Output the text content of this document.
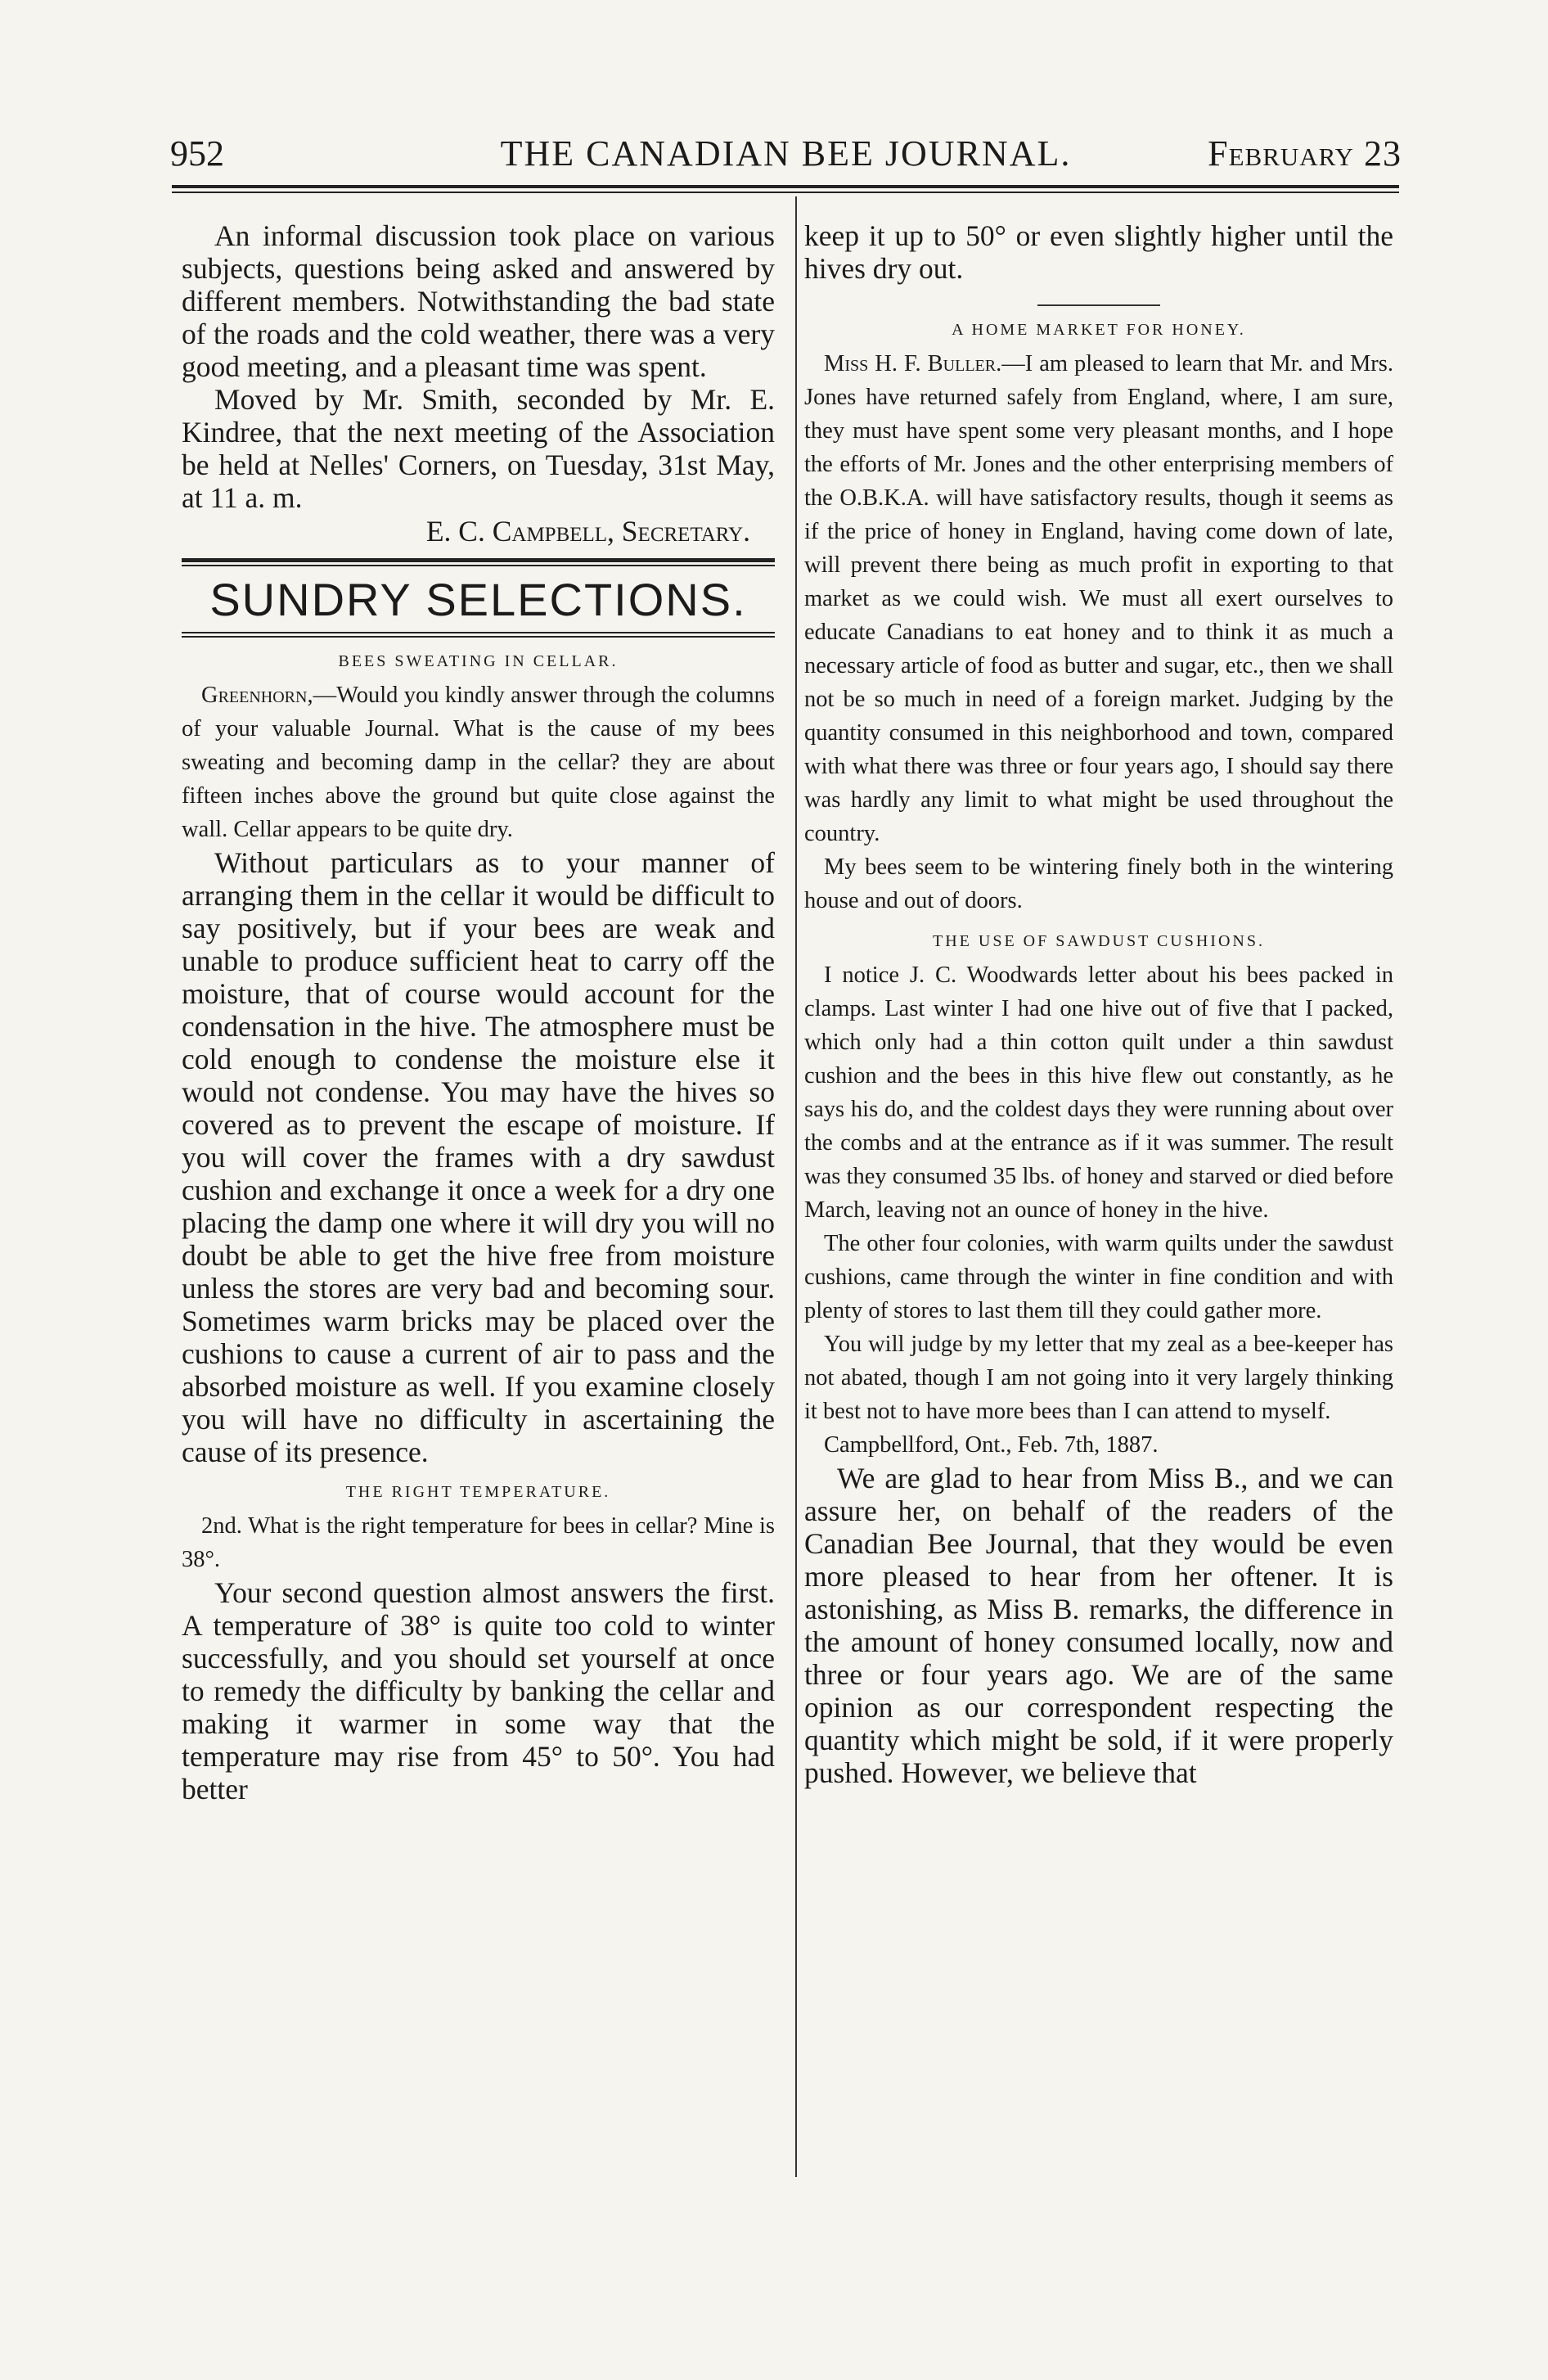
952	THE CANADIAN BEE JOURNAL.	February 23

An informal discussion took place on various subjects, questions being asked and answered by different members. Notwithstanding the bad state of the roads and the cold weather, there was a very good meeting, and a pleasant time was spent.

Moved by Mr. Smith, seconded by Mr. E. Kindree, that the next meeting of the Association be held at Nelles' Corners, on Tuesday, 31st May, at 11 a. m.

E. C. Campbell, Secretary.

SUNDRY SELECTIONS.
BEES SWEATING IN CELLAR.

Greenhorn,—Would you kindly answer through the columns of your valuable Journal. What is the cause of my bees sweating and becoming damp in the cellar? they are about fifteen inches above the ground but quite close against the wall. Cellar appears to be quite dry.

Without particulars as to your manner of arranging them in the cellar it would be difficult to say positively, but if your bees are weak and unable to produce sufficient heat to carry off the moisture, that of course would account for the condensation in the hive. The atmosphere must be cold enough to condense the moisture else it would not condense. You may have the hives so covered as to prevent the escape of moisture. If you will cover the frames with a dry sawdust cushion and exchange it once a week for a dry one placing the damp one where it will dry you will no doubt be able to get the hive free from moisture unless the stores are very bad and becoming sour. Sometimes warm bricks may be placed over the cushions to cause a current of air to pass and the absorbed moisture as well. If you examine closely you will have no difficulty in ascertaining the cause of its presence.

THE RIGHT TEMPERATURE.

2nd. What is the right temperature for bees in cellar? Mine is 38°.

Your second question almost answers the first. A temperature of 38° is quite too cold to winter successfully, and you should set yourself at once to remedy the difficulty by banking the cellar and making it warmer in some way that the temperature may rise from 45° to 50°. You had better

keep it up to 50° or even slightly higher until the hives dry out.

A HOME MARKET FOR HONEY.

Miss H. F. Buller.—I am pleased to learn that Mr. and Mrs. Jones have returned safely from England, where, I am sure, they must have spent some very pleasant months, and I hope the efforts of Mr. Jones and the other enterprising members of the O.B.K.A. will have satisfactory results, though it seems as if the price of honey in England, having come down of late, will prevent there being as much profit in exporting to that market as we could wish. We must all exert ourselves to educate Canadians to eat honey and to think it as much a necessary article of food as butter and sugar, etc., then we shall not be so much in need of a foreign market. Judging by the quantity consumed in this neighborhood and town, compared with what there was three or four years ago, I should say there was hardly any limit to what might be used throughout the country.

My bees seem to be wintering finely both in the wintering house and out of doors.

THE USE OF SAWDUST CUSHIONS.

I notice J. C. Woodwards letter about his bees packed in clamps. Last winter I had one hive out of five that I packed, which only had a thin cotton quilt under a thin sawdust cushion and the bees in this hive flew out constantly, as he says his do, and the coldest days they were running about over the combs and at the entrance as if it was summer. The result was they consumed 35 lbs. of honey and starved or died before March, leaving not an ounce of honey in the hive.

The other four colonies, with warm quilts under the sawdust cushions, came through the winter in fine condition and with plenty of stores to last them till they could gather more.

You will judge by my letter that my zeal as a bee-keeper has not abated, though I am not going into it very largely thinking it best not to have more bees than I can attend to myself.

Campbellford, Ont., Feb. 7th, 1887.

We are glad to hear from Miss B., and we can assure her, on behalf of the readers of the Canadian Bee Journal, that they would be even more pleased to hear from her oftener. It is astonishing, as Miss B. remarks, the difference in the amount of honey consumed locally, now and three or four years ago. We are of the same opinion as our correspondent respecting the quantity which might be sold, if it were properly pushed. However, we believe that
